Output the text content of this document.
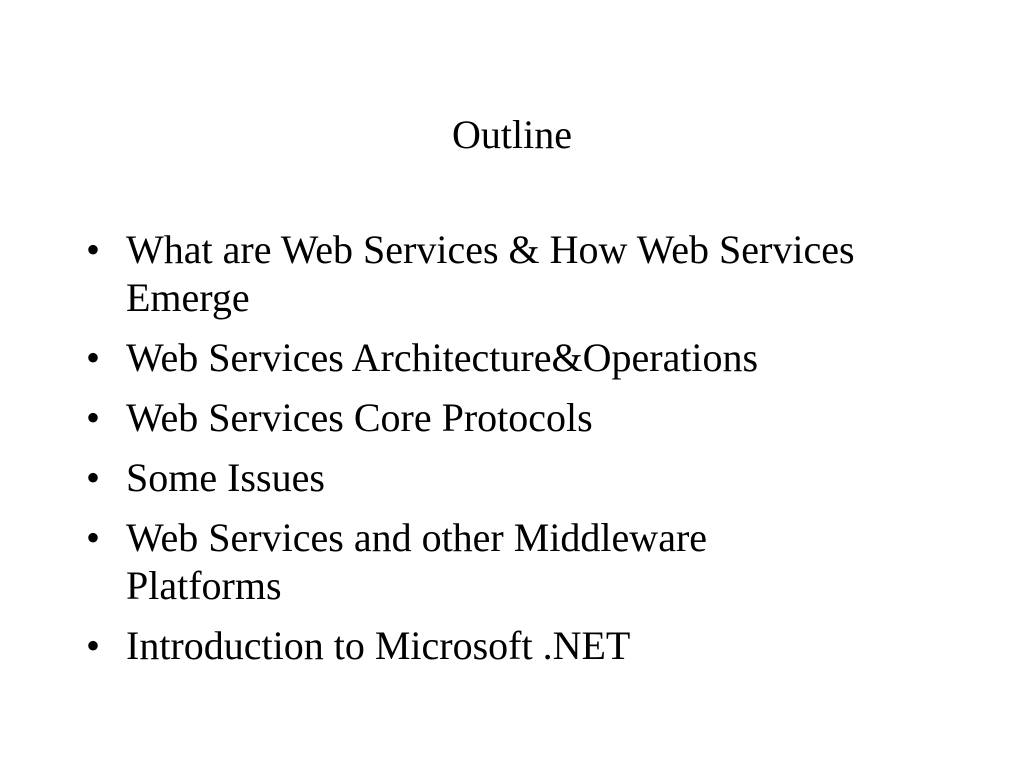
Outline
• What are Web Services & How Web Services Emerge
• Web Services Architecture&Operations
• Web Services Core Protocols
• Some Issues
• Web Services and other Middleware Platforms
• Introduction to Microsoft .NET
